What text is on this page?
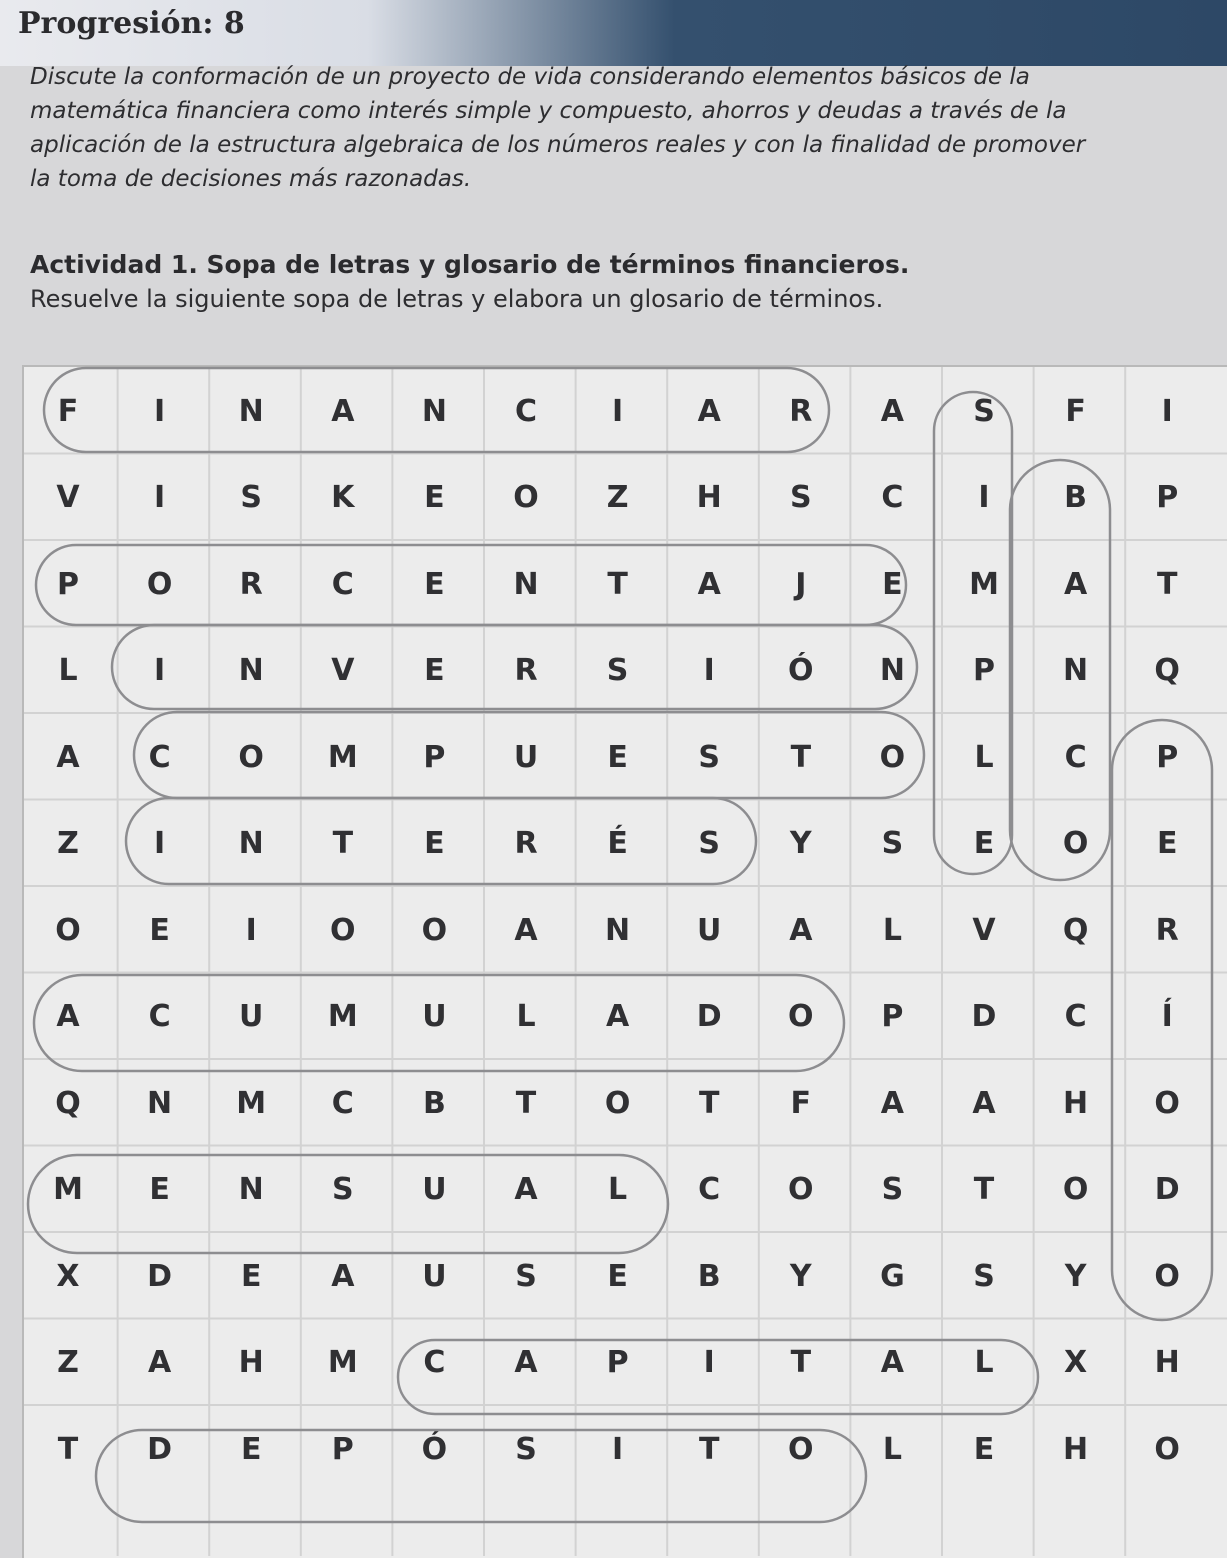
Progresión: 8

Discute la conformación de un proyecto de vida considerando elementos básicos de la
matemática financiera como interés simple y compuesto, ahorros y deudas a través de la
aplicación de la estructura algebraica de los números reales y con la finalidad de promover
la toma de decisiones más razonadas.

Actividad 1. Sopa de letras y glosario de términos financieros.
Resuelve la siguiente sopa de letras y elabora un glosario de términos.
F	I	N	A	N	C	I	A	R	A	S	F	I
V	I	S	K	E	O	Z	H	S	C	I	B	P
P	O	R	C	E	N	T	A	J	E	M	A	T
L	I	N	V	E	R	S	I	Ó	N	P	N	Q
A	C	O	M	P	U	E	S	T	O	L	C	P
Z	I	N	T	E	R	É	S	Y	S	E	O	E
O	E	I	O	O	A	N	U	A	L	V	Q	R
A	C	U	M	U	L	A	D	O	P	D	C	Í
Q	N	M	C	B	T	O	T	F	A	A	H	O
M	E	N	S	U	A	L	C	O	S	T	O	D
X	D	E	A	U	S	E	B	Y	G	S	Y	O
Z	A	H	M	C	A	P	I	T	A	L	X	H
T	D	E	P	Ó	S	I	T	O	L	E	H	O
